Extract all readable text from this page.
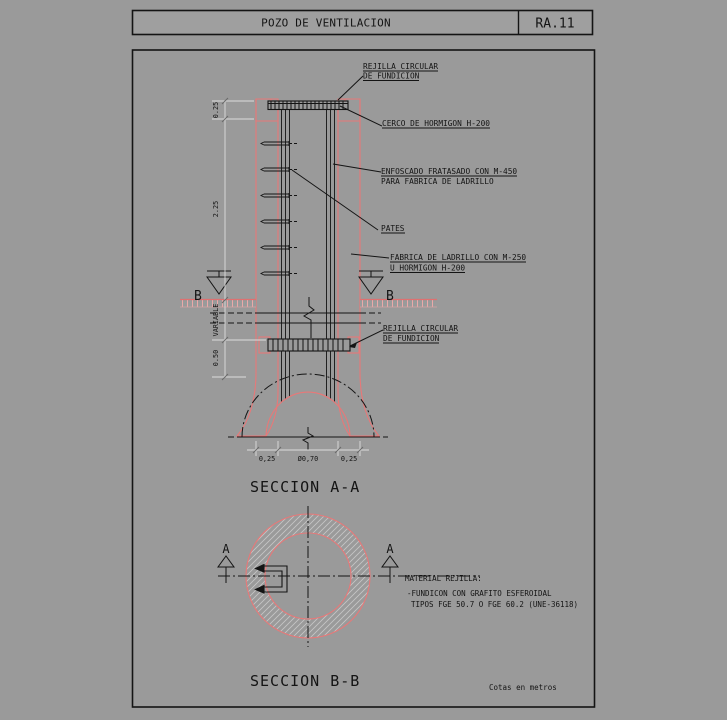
POZO DE VENTILACION	RA.11
B	B
0.25
2.25
VARIABLE
0.50
0,25	Ø0,70	0,25
REJILLA CIRCULAR
DE FUNDICION
CERCO DE HORMIGON H-200
ENFOSCADO FRATASADO CON M-450
PARA FABRICA DE LADRILLO
PATES
FABRICA DE LADRILLO CON M-250
U HORMIGON H-200
REJILLA CIRCULAR
DE FUNDICION
SECCION A-A
A	A
MATERIAL REJILLA:
-FUNDICON CON GRAFITO ESFEROIDAL
TIPOS FGE 50.7 O FGE 60.2 (UNE-36118)
SECCION B-B	Cotas en metros
